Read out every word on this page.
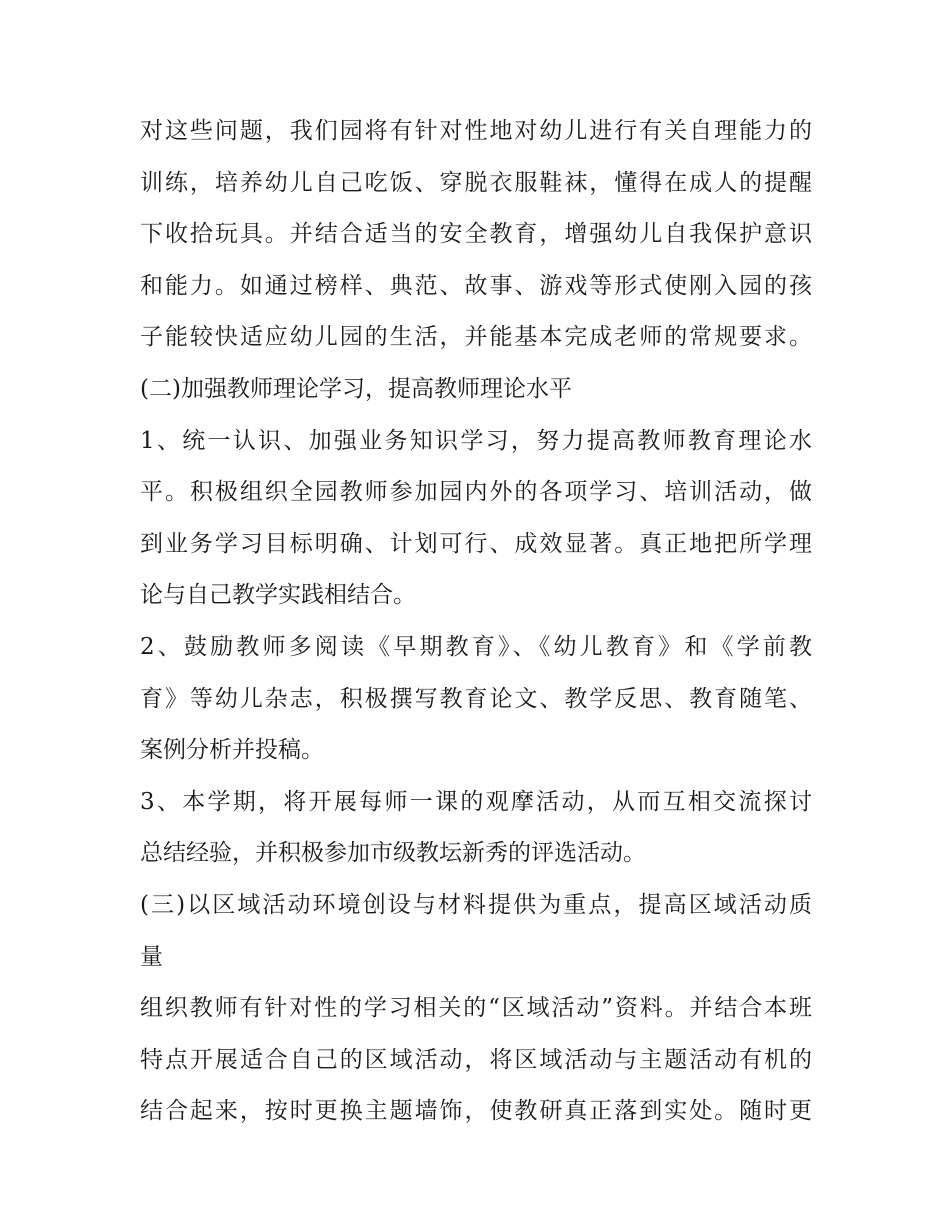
对这些问题，我们园将有针对性地对幼儿进行有关自理能力的
训练，培养幼儿自己吃饭、穿脱衣服鞋袜，懂得在成人的提醒
下收拾玩具。并结合适当的安全教育，增强幼儿自我保护意识
和能力。如通过榜样、典范、故事、游戏等形式使刚入园的孩
子能较快适应幼儿园的生活，并能基本完成老师的常规要求。
(二)加强教师理论学习，提高教师理论水平
1、统一认识、加强业务知识学习，努力提高教师教育理论水
平。积极组织全园教师参加园内外的各项学习、培训活动，做
到业务学习目标明确、计划可行、成效显著。真正地把所学理
论与自己教学实践相结合。
2、鼓励教师多阅读《早期教育》、《幼儿教育》和《学前教
育》等幼儿杂志，积极撰写教育论文、教学反思、教育随笔、
案例分析并投稿。
3、本学期，将开展每师一课的观摩活动，从而互相交流探讨
总结经验，并积极参加市级教坛新秀的评选活动。
(三)以区域活动环境创设与材料提供为重点，提高区域活动质
量
组织教师有针对性的学习相关的“区域活动”资料。并结合本班
特点开展适合自己的区域活动，将区域活动与主题活动有机的
结合起来，按时更换主题墙饰，使教研真正落到实处。随时更
